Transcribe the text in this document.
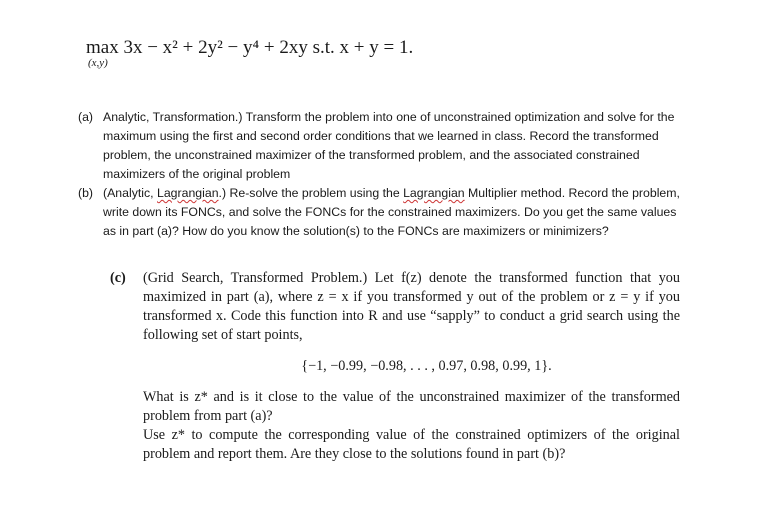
max 3x − x² + 2y² − y⁴ + 2xy s.t. x + y = 1.
(x,y)
(a) Analytic, Transformation.) Transform the problem into one of unconstrained optimization and solve for the maximum using the first and second order conditions that we learned in class. Record the transformed problem, the unconstrained maximizer of the transformed problem, and the associated constrained maximizers of the original problem
(b) (Analytic, Lagrangian.) Re-solve the problem using the Lagrangian Multiplier method. Record the problem, write down its FONCs, and solve the FONCs for the constrained maximizers. Do you get the same values as in part (a)? How do you know the solution(s) to the FONCs are maximizers or minimizers?
(c) (Grid Search, Transformed Problem.) Let f(z) denote the transformed function that you maximized in part (a), where z = x if you transformed y out of the problem or z = y if you transformed x. Code this function into R and use “sapply” to conduct a grid search using the following set of start points,

{−1, −0.99, −0.98, . . . , 0.97, 0.98, 0.99, 1}.

What is z* and is it close to the value of the unconstrained maximizer of the transformed problem from part (a)?

Use z* to compute the corresponding value of the constrained optimizers of the original problem and report them. Are they close to the solutions found in part (b)?
